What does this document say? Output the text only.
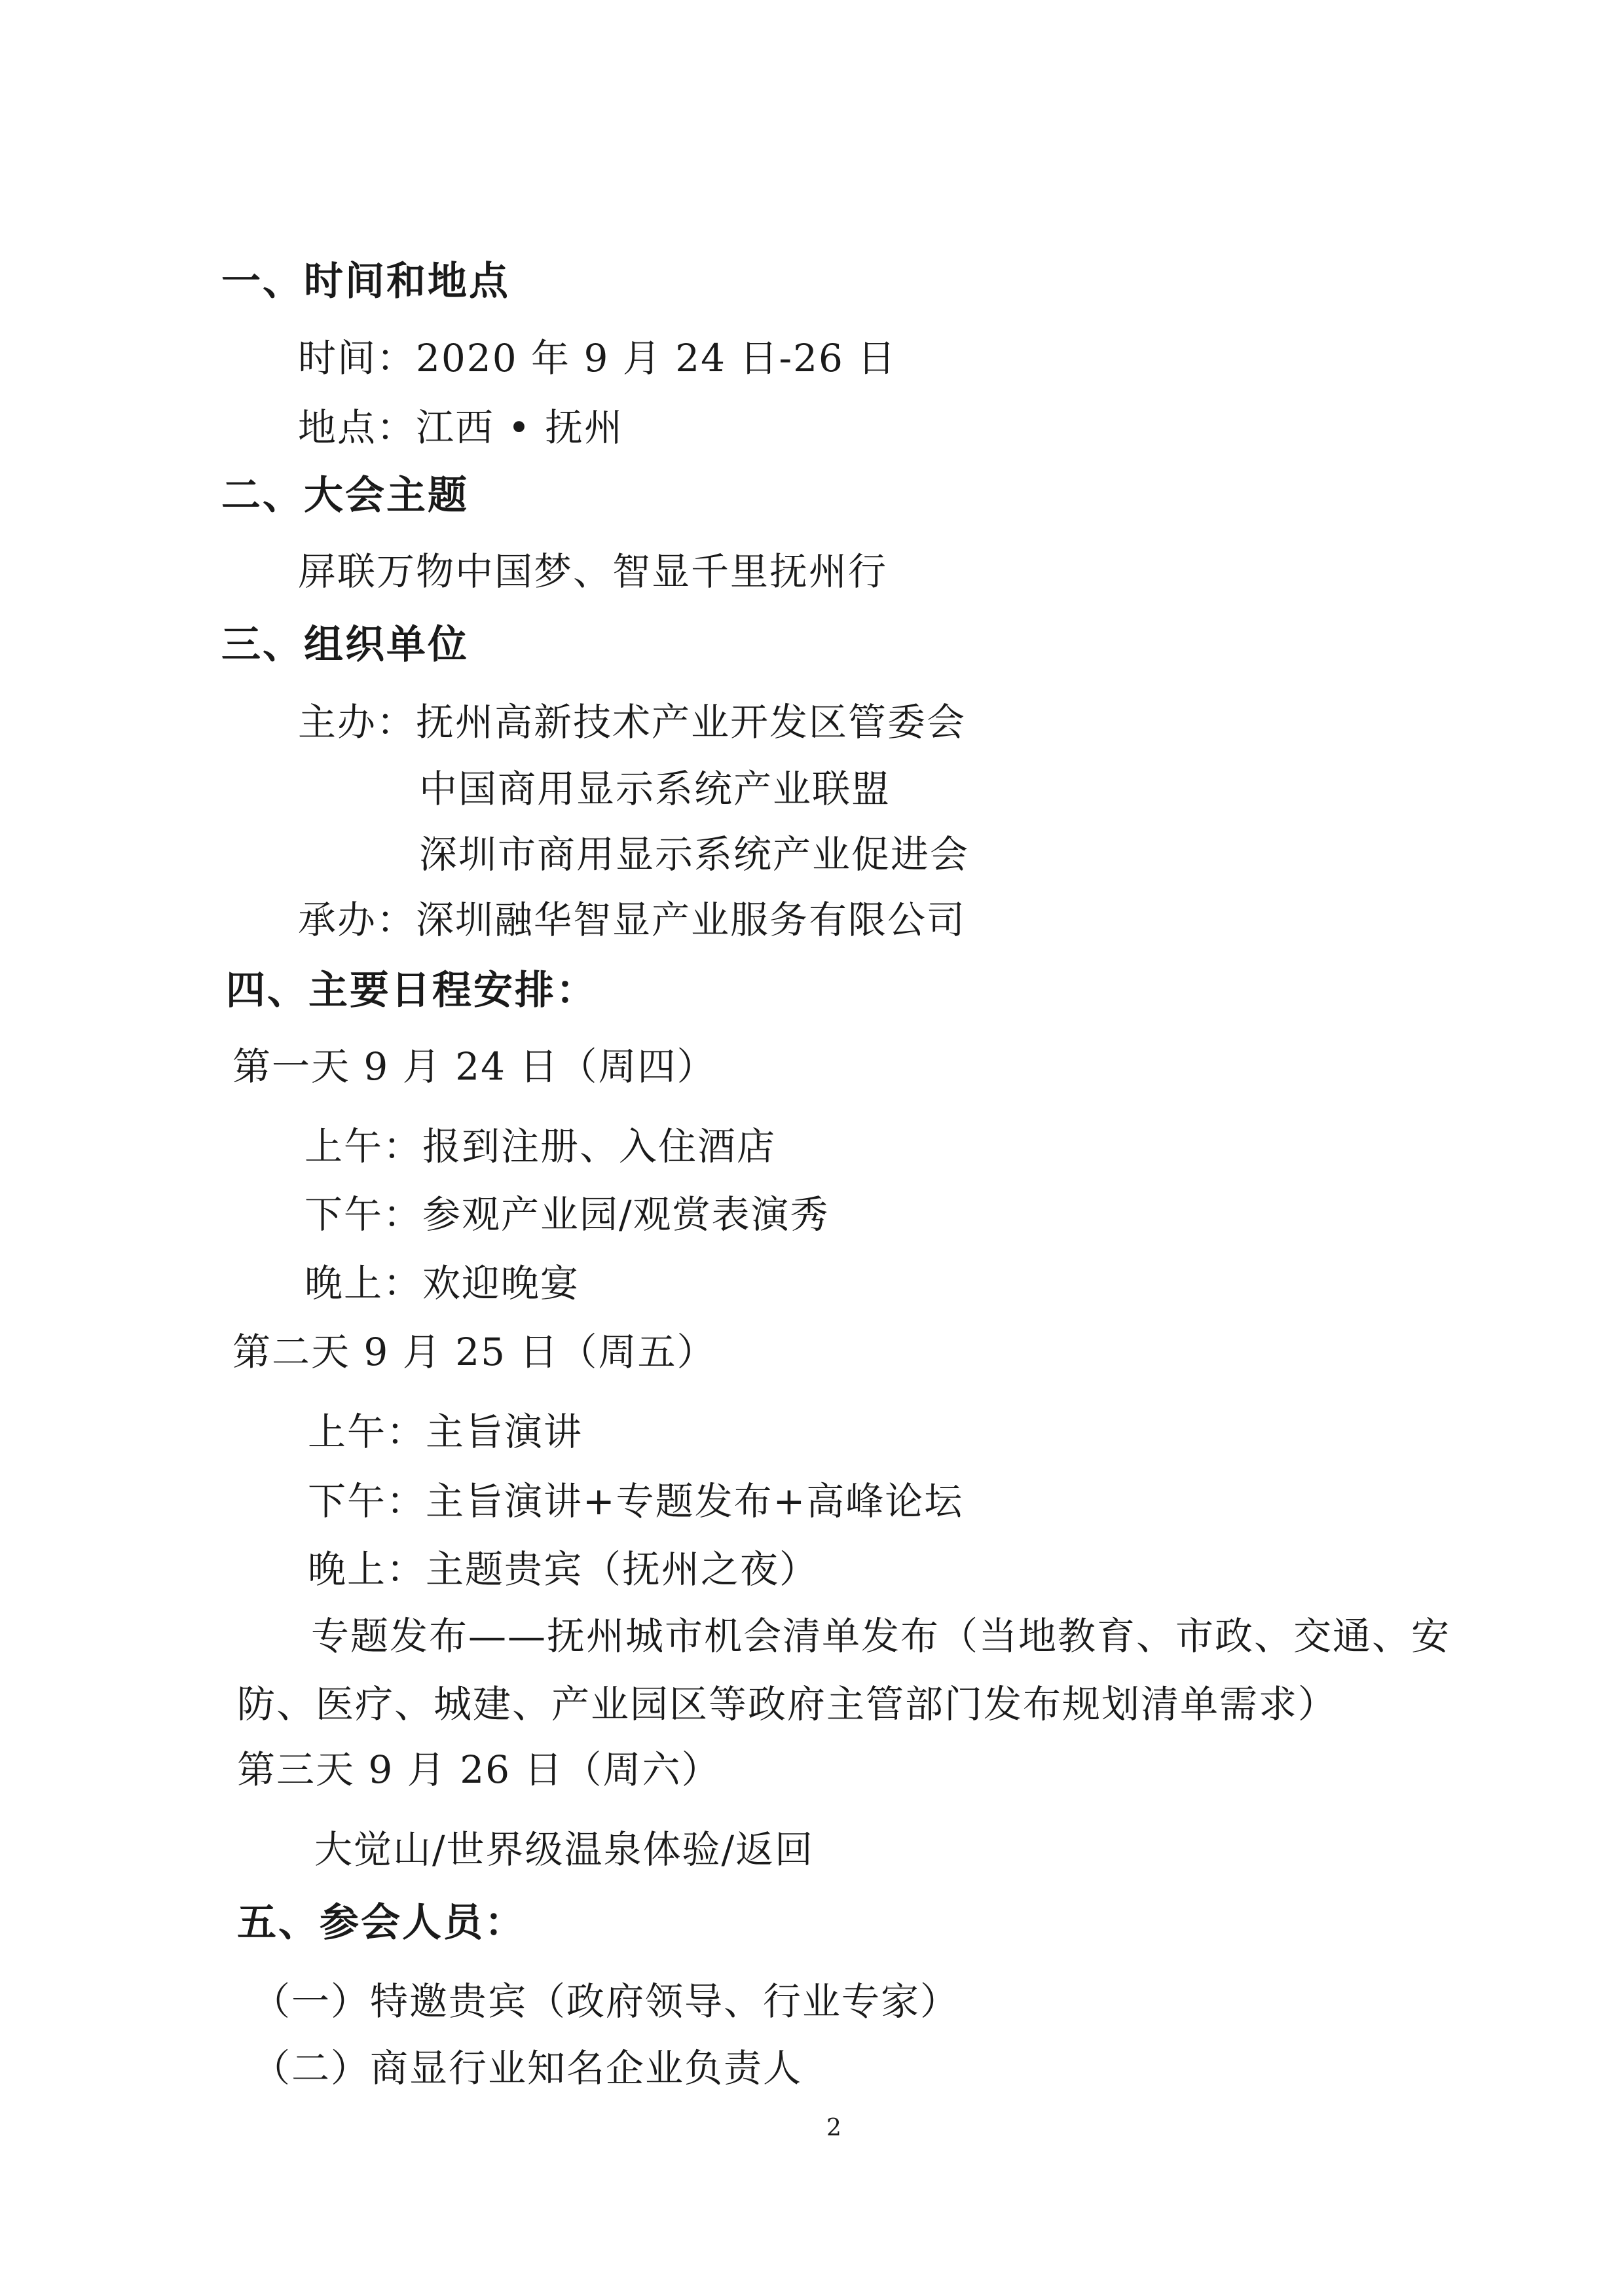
一、时间和地点
时间：2020 年 9 月 24 日-26 日
地点：江西 • 抚州
二、大会主题
屏联万物中国梦、智显千里抚州行
三、组织单位
主办：抚州高新技术产业开发区管委会
中国商用显示系统产业联盟
深圳市商用显示系统产业促进会
承办：深圳融华智显产业服务有限公司
四、主要日程安排：
第一天 9 月 24 日（周四）
上午：报到注册、入住酒店
下午：参观产业园/观赏表演秀
晚上：欢迎晚宴
第二天 9 月 25 日（周五）
上午：主旨演讲
下午：主旨演讲+专题发布+高峰论坛
晚上：主题贵宾（抚州之夜）
专题发布——抚州城市机会清单发布（当地教育、市政、交通、安
防、医疗、城建、产业园区等政府主管部门发布规划清单需求）
第三天 9 月 26 日（周六）
大觉山/世界级温泉体验/返回
五、参会人员：
（一）特邀贵宾（政府领导、行业专家）
（二）商显行业知名企业负责人
2
